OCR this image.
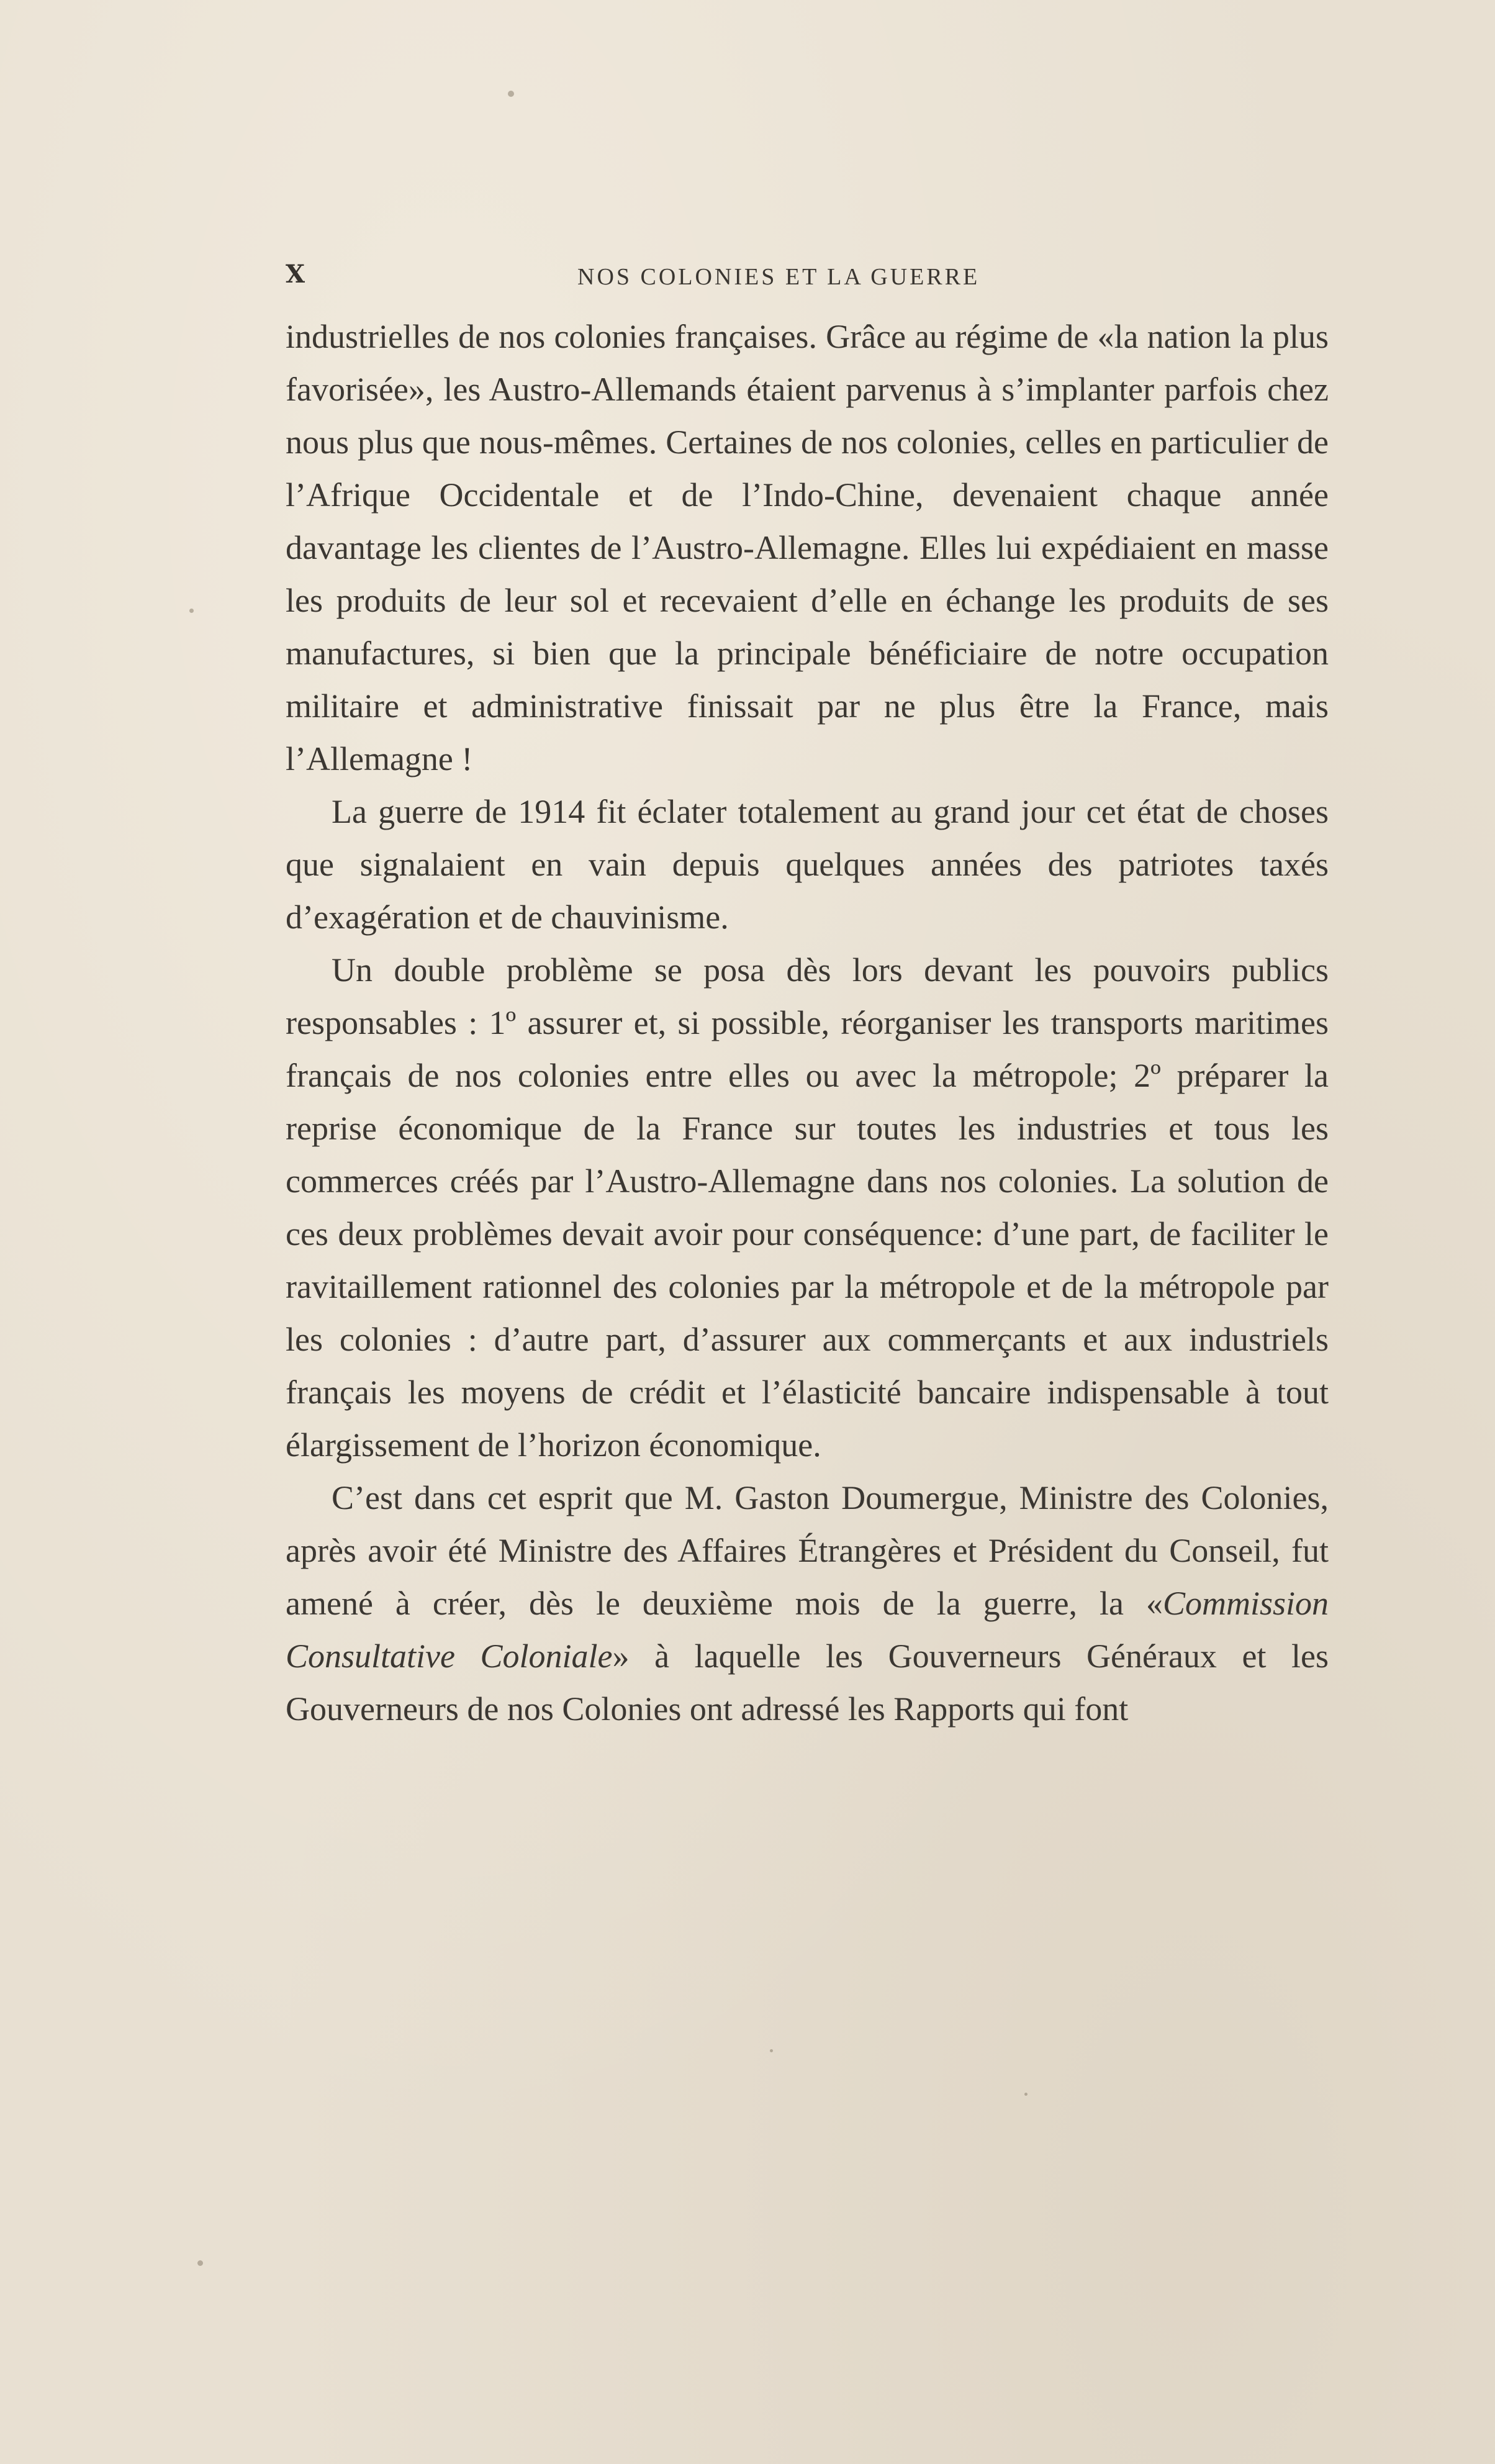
X	NOS COLONIES ET LA GUERRE

industrielles de nos colonies françaises. Grâce au régime de «la nation la plus favorisée», les Austro-Allemands étaient parvenus à s’implanter parfois chez nous plus que nous-mêmes. Certaines de nos colonies, celles en particulier de l’Afrique Occidentale et de l’Indo-Chine, devenaient chaque année davantage les clientes de l’Austro-Allemagne. Elles lui expédiaient en masse les produits de leur sol et recevaient d’elle en échange les produits de ses manufactures, si bien que la principale bénéficiaire de notre occupation militaire et administrative finissait par ne plus être la France, mais l’Allemagne !

La guerre de 1914 fit éclater totalement au grand jour cet état de choses que signalaient en vain depuis quelques années des patriotes taxés d’exagération et de chauvinisme.

Un double problème se posa dès lors devant les pouvoirs publics responsables : 1º assurer et, si possible, réorganiser les transports maritimes français de nos colonies entre elles ou avec la métropole; 2º préparer la reprise économique de la France sur toutes les industries et tous les commerces créés par l’Austro-Allemagne dans nos colonies. La solution de ces deux problèmes devait avoir pour conséquence: d’une part, de faciliter le ravitaillement rationnel des colonies par la métropole et de la métropole par les colonies : d’autre part, d’assurer aux commerçants et aux industriels français les moyens de crédit et l’élasticité bancaire indispensable à tout élargissement de l’horizon économique.

C’est dans cet esprit que M. Gaston Doumergue, Ministre des Colonies, après avoir été Ministre des Affaires Étrangères et Président du Conseil, fut amené à créer, dès le deuxième mois de la guerre, la «Commission Consultative Coloniale» à laquelle les Gouverneurs Généraux et les Gouverneurs de nos Colonies ont adressé les Rapports qui font
